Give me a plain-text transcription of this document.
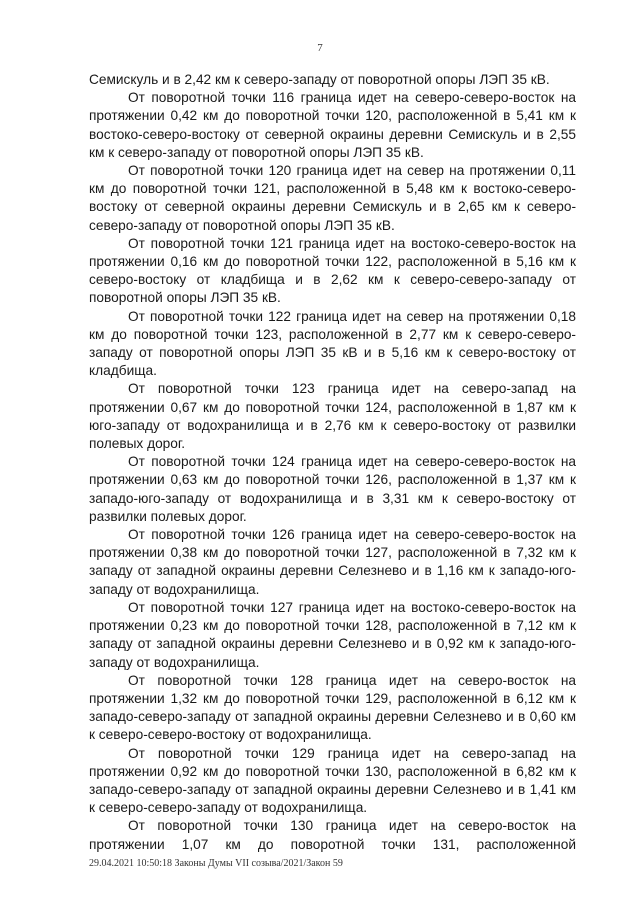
7

Семискуль и в 2,42 км к северо-западу от поворотной опоры ЛЭП 35 кВ.

От поворотной точки 116 граница идет на северо-северо-восток на протяжении 0,42 км до поворотной точки 120, расположенной в 5,41 км к востоко-северо-востоку от северной окраины деревни Семискуль и в 2,55 км к северо-западу от поворотной опоры ЛЭП 35 кВ.

От поворотной точки 120 граница идет на север на протяжении 0,11 км до поворотной точки 121, расположенной в 5,48 км к востоко-северо-востоку от северной окраины деревни Семискуль и в 2,65 км к северо-северо-западу от поворотной опоры ЛЭП 35 кВ.

От поворотной точки 121 граница идет на востоко-северо-восток на протяжении 0,16 км до поворотной точки 122, расположенной в 5,16 км к северо-востоку от кладбища и в 2,62 км к северо-северо-западу от поворотной опоры ЛЭП 35 кВ.

От поворотной точки 122 граница идет на север на протяжении 0,18 км до поворотной точки 123, расположенной в 2,77 км к северо-северо-западу от поворотной опоры ЛЭП 35 кВ и в 5,16 км к северо-востоку от кладбища.

От поворотной точки 123 граница идет на северо-запад на протяжении 0,67 км до поворотной точки 124, расположенной в 1,87 км к юго-западу от водохранилища и в 2,76 км к северо-востоку от развилки полевых дорог.

От поворотной точки 124 граница идет на северо-северо-восток на протяжении 0,63 км до поворотной точки 126, расположенной в 1,37 км к западо-юго-западу от водохранилища и в 3,31 км к северо-востоку от развилки полевых дорог.

От поворотной точки 126 граница идет на северо-северо-восток на протяжении 0,38 км до поворотной точки 127, расположенной в 7,32 км к западу от западной окраины деревни Селезнево и в 1,16 км к западо-юго-западу от водохранилища.

От поворотной точки 127 граница идет на востоко-северо-восток на протяжении 0,23 км до поворотной точки 128, расположенной в 7,12 км к западу от западной окраины деревни Селезнево и в 0,92 км к западо-юго-западу от водохранилища.

От поворотной точки 128 граница идет на северо-восток на протяжении 1,32 км до поворотной точки 129, расположенной в 6,12 км к западо-северо-западу от западной окраины деревни Селезнево и в 0,60 км к северо-северо-востоку от водохранилища.

От поворотной точки 129 граница идет на северо-запад на протяжении 0,92 км до поворотной точки 130, расположенной в 6,82 км к западо-северо-западу от западной окраины деревни Селезнево и в 1,41 км к северо-северо-западу от водохранилища.

От поворотной точки 130 граница идет на северо-восток на протяжении 1,07 км до поворотной точки 131, расположенной

29.04.2021 10:50:18 Законы Думы VII созыва/2021/Закон 59
